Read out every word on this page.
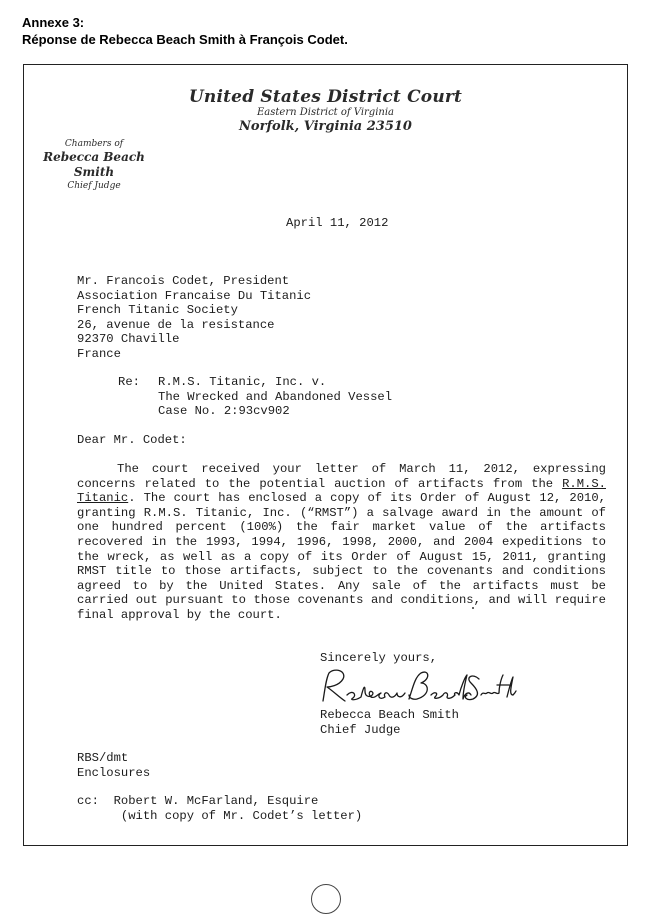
Annexe 3:
Réponse de Rebecca Beach Smith à François Codet.
United States District Court
Eastern District of Virginia
Norfolk, Virginia 23510
Chambers of
Rebecca Beach Smith
Chief Judge
April 11, 2012
Mr. Francois Codet, President
Association Francaise Du Titanic
French Titanic Society
26, avenue de la resistance
92370 Chaville
France
Re:	R.M.S. Titanic, Inc. v.
The Wrecked and Abandoned Vessel
Case No. 2:93cv902
Dear Mr. Codet:
The court received your letter of March 11, 2012, expressing concerns related to the potential auction of artifacts from the R.M.S. Titanic. The court has enclosed a copy of its Order of August 12, 2010, granting R.M.S. Titanic, Inc. (“RMST”) a salvage award in the amount of one hundred percent (100%) the fair market value of the artifacts recovered in the 1993, 1994, 1996, 1998, 2000, and 2004 expeditions to the wreck, as well as a copy of its Order of August 15, 2011, granting RMST title to those artifacts, subject to the covenants and conditions agreed to by the United States. Any sale of the artifacts must be carried out pursuant to those covenants and conditions, and will require final approval by the court.
Sincerely yours,
Rebecca Beach Smith
Chief Judge
RBS/dmt
Enclosures
cc:  Robert W. McFarland, Esquire
(with copy of Mr. Codet’s letter)
